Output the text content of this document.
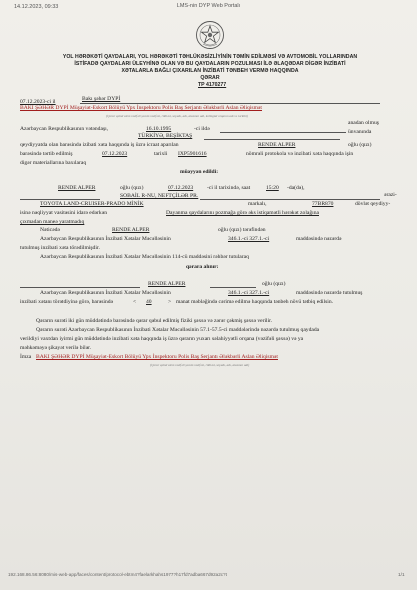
14.12.2023, 09:33	LMS-nin DYP Web Portalı
YOL HƏRƏKƏTİ QAYDALARI, YOL HƏRƏKƏTİ TƏHLÜKƏSİZLİYİNİN TƏMİN EDİLMƏSİ VƏ AVTOMOBİL YOLLARINDAN
İSTİFADƏ QAYDALARI ÜLEYHİNƏ OLAN VƏ BU QAYDALARIN POZULMASI İLƏ ƏLAQƏDAR DİGƏR İNZİBATİ
XƏTALARLA BAĞLI ÇIXARILAN İNZİBATİ TƏNBEH VERMƏ HAQQINDA
QƏRAR
TP 4170277
07.12.2023-ci il	Bakı şəhər DYPİ
BAKI ŞƏHƏR DYPİ Müşayiət-Eskort Bölüyü Ypx İnspektoru Polis Baş Serjantı Ələkbərli Aslan Əliqismət
(Qərar qəbul edən vəzifəli şəxsin vəzifəsi, rütbəsi, soyadı, adı, atasının adı, kollegial orqanın adı və tərkibi)
Azərbaycan Respublikasının vətəndaşı,	16.10.1995	-ci ildə
anadan olmuş
TÜRKİYƏ, BEŞİKTAŞ
ünvanında
qeydiyyatda olan barəsində izibati xəta haqqında iş üzrə icraat aparılan	RENDE ALPER	oğlu (qızı)
barəsində tərtib edilmiş	07.12.2023	tarixli IXP5901616	nömrəli protokola və inzibati xəta haqqında işin
digər materiallarına baxılaraq
müəyyən edildi:
RENDE ALPER	oğlu (qızı)	07.12.2023 -ci il tarixində, saat	15:20 -da(də),
SOBAİL R-NU, NEFTÇİLƏR PR.	ərazi-
TOYOTA LAND-CRUISER-PRADO MİNİK	markalı,	77BR870	dövlət qeydiyy-
isinə nəqliyyat vasitəsini idarə edərkən	Dayanma qaydalarını pozmağa görə əks istiqamətli hərəkət zolağına
çıxmadan maneə yaratmadıq
Nəticədə	RENDE ALPER	oğlu (qızı) tərəfindən
Azərbaycan Respublikasının İnzibati Xətalar Məcəlləsinin	346.1.-ci 327.1.-ci	maddəsində nəzərdə
tutulmuş inzibati xəta törədilmişdir.
Azərbaycan Respublikasının İnzibati Xətalar Məcəlləsinin 114-cü maddəsini rəhbər tutularaq
qərara alınır:
RENDE ALPER	oğlu (qızı)
Azərbaycan Respublikasının İnzibati Xətalar Məcəlləsinin	346.1.-ci 327.1.-ci	maddəsində nəzərdə tutulmuş
inzibati xətanı törətdiyinə görə, barəsində	< 40	> manat məbləğində cərimə edilmə haqqında tənbeh növü tətbiq edilsin.
Qərarın surəti iki gün müddətində barəsində qərar qəbul edilmiş fiziki şəxsə və zərər çəkmiş şəxsə verilir.
Qərarın surəti Azərbaycan Respublikasının İnzibati Xətalar Məcəlləsinin 57.1-57.5-ci maddələrində nəzərdə tutulmuş qaydada
verildiyi vaxtdan iyirmi gün müddətində inzibati xəta haqqında iş üzrə qərarın yuxarı səlahiyyətli orqana (vəzifəli şəxsə) və ya
məhkəməyə şikayət verilə bilər.
İmza BAKI ŞƏHƏR DYPİ Müşayiət-Eskort Bölüyü Ypx İnspektoru Polis Baş Serjantı Ələkbərli Aslan Əliqismət
(Qərar qəbul edən vəzifəli şəxsin vəzifəsi, rütbəsi, soyadı, adı, atasının adı)
192.168.86.56:8080/mis-web-app/faces/content/protocol-ebtm4?faelarkhahs1977?h17fd7adba667d92a2c?t	1/1
